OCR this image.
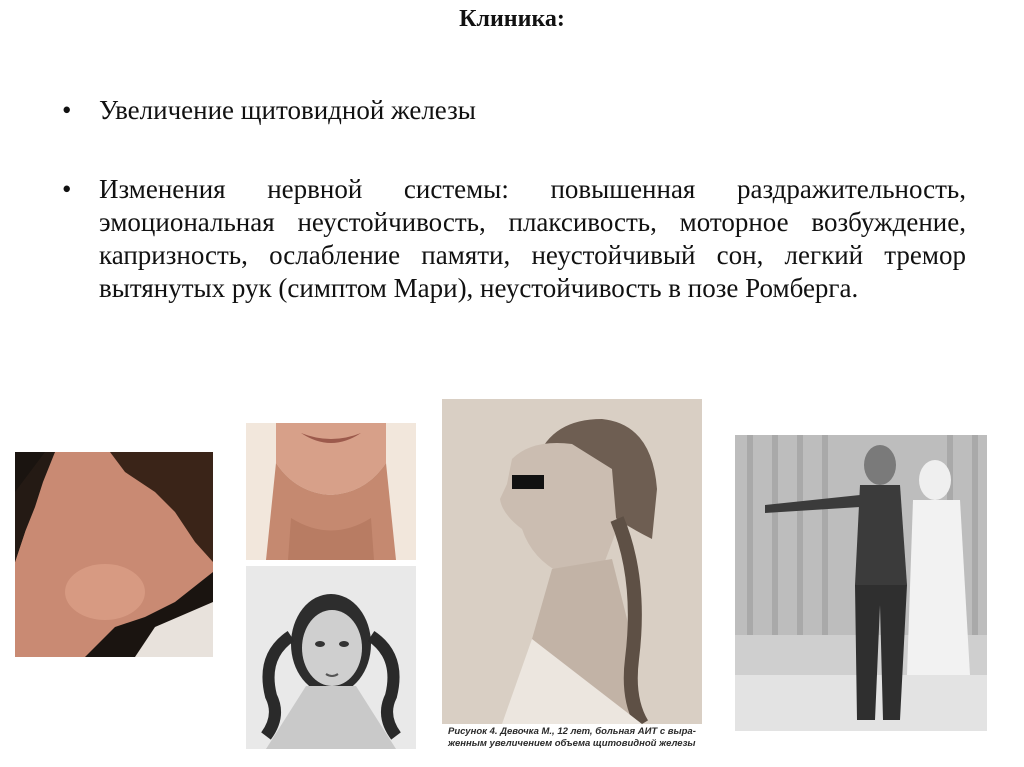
Клиника:
• Увеличение щитовидной железы
• Изменения нервной системы: повышенная раздражительность, эмоциональная неустойчивость, плаксивость, моторное возбуждение, капризность, ослабление памяти, неустойчивый сон, легкий тремор вытянутых рук (симптом Мари), неустойчивость в позе Ромберга.
Рисунок 4. Девочка М., 12 лет, больная АИТ с выра-женным увеличением объема щитовидной железы
